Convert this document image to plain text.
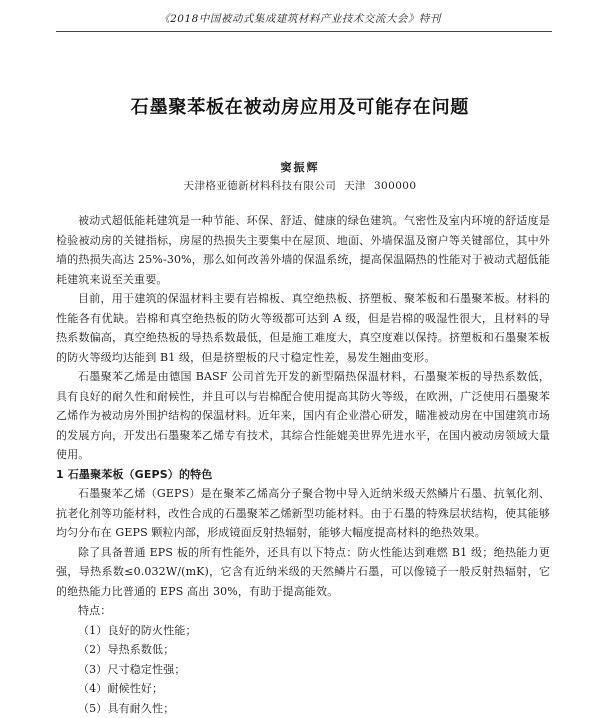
《2018中国被动式集成建筑材料产业技术交流大会》特刊
石墨聚苯板在被动房应用及可能存在问题
窦振辉
天津格亚德新材料科技有限公司 天津 300000

被动式超低能耗建筑是一种节能、环保、舒适、健康的绿色建筑。气密性及室内环境的舒适度是检验被动房的关键指标，房屋的热损失主要集中在屋顶、地面、外墙保温及窗户等关键部位，其中外墙的热损失高达 25%-30%，那么如何改善外墙的保温系统，提高保温隔热的性能对于被动式超低能耗建筑来说至关重要。

目前，用于建筑的保温材料主要有岩棉板、真空绝热板、挤塑板、聚苯板和石墨聚苯板。材料的性能各有优缺。岩棉和真空绝热板的防火等级都可达到 A 级，但是岩棉的吸湿性很大，且材料的导热系数偏高，真空绝热板的导热系数最低，但是施工难度大，真空度难以保持。挤塑板和石墨聚苯板的防火等级均达能到 B1 级，但是挤塑板的尺寸稳定性差，易发生翘曲变形。

石墨聚苯乙烯是由德国 BASF 公司首先开发的新型隔热保温材料，石墨聚苯板的导热系数低，具有良好的耐久性和耐候性，并且可以与岩棉配合使用提高其防火等级，在欧洲，广泛使用石墨聚苯乙烯作为被动房外围护结构的保温材料。近年来，国内有企业潜心研发，瞄准被动房在中国建筑市场的发展方向，开发出石墨聚苯乙烯专有技术，其综合性能媲美世界先进水平，在国内被动房领域大量使用。

1 石墨聚苯板（GEPS）的特色

石墨聚苯乙烯（GEPS）是在聚苯乙烯高分子聚合物中导入近纳米级天然鳞片石墨、抗氧化剂、抗老化剂等功能材料，改性合成的石墨聚苯乙烯新型功能材料。由于石墨的特殊层状结构，使其能够均匀分布在 GEPS 颗粒内部，形成镜面反射热辐射，能够大幅度提高材料的绝热效果。

除了具备普通 EPS 板的所有性能外，还具有以下特点：防火性能达到难燃 B1 级；绝热能力更强，导热系数≤0.032W/(mK)，它含有近纳米级的天然鳞片石墨，可以像镜子一般反射热辐射，它的绝热能力比普通的 EPS 高出 30%，有助于提高能效。

特点：

（1）良好的防火性能；

（2）导热系数低；

（3）尺寸稳定性强；

（4）耐候性好；

（5）具有耐久性；
